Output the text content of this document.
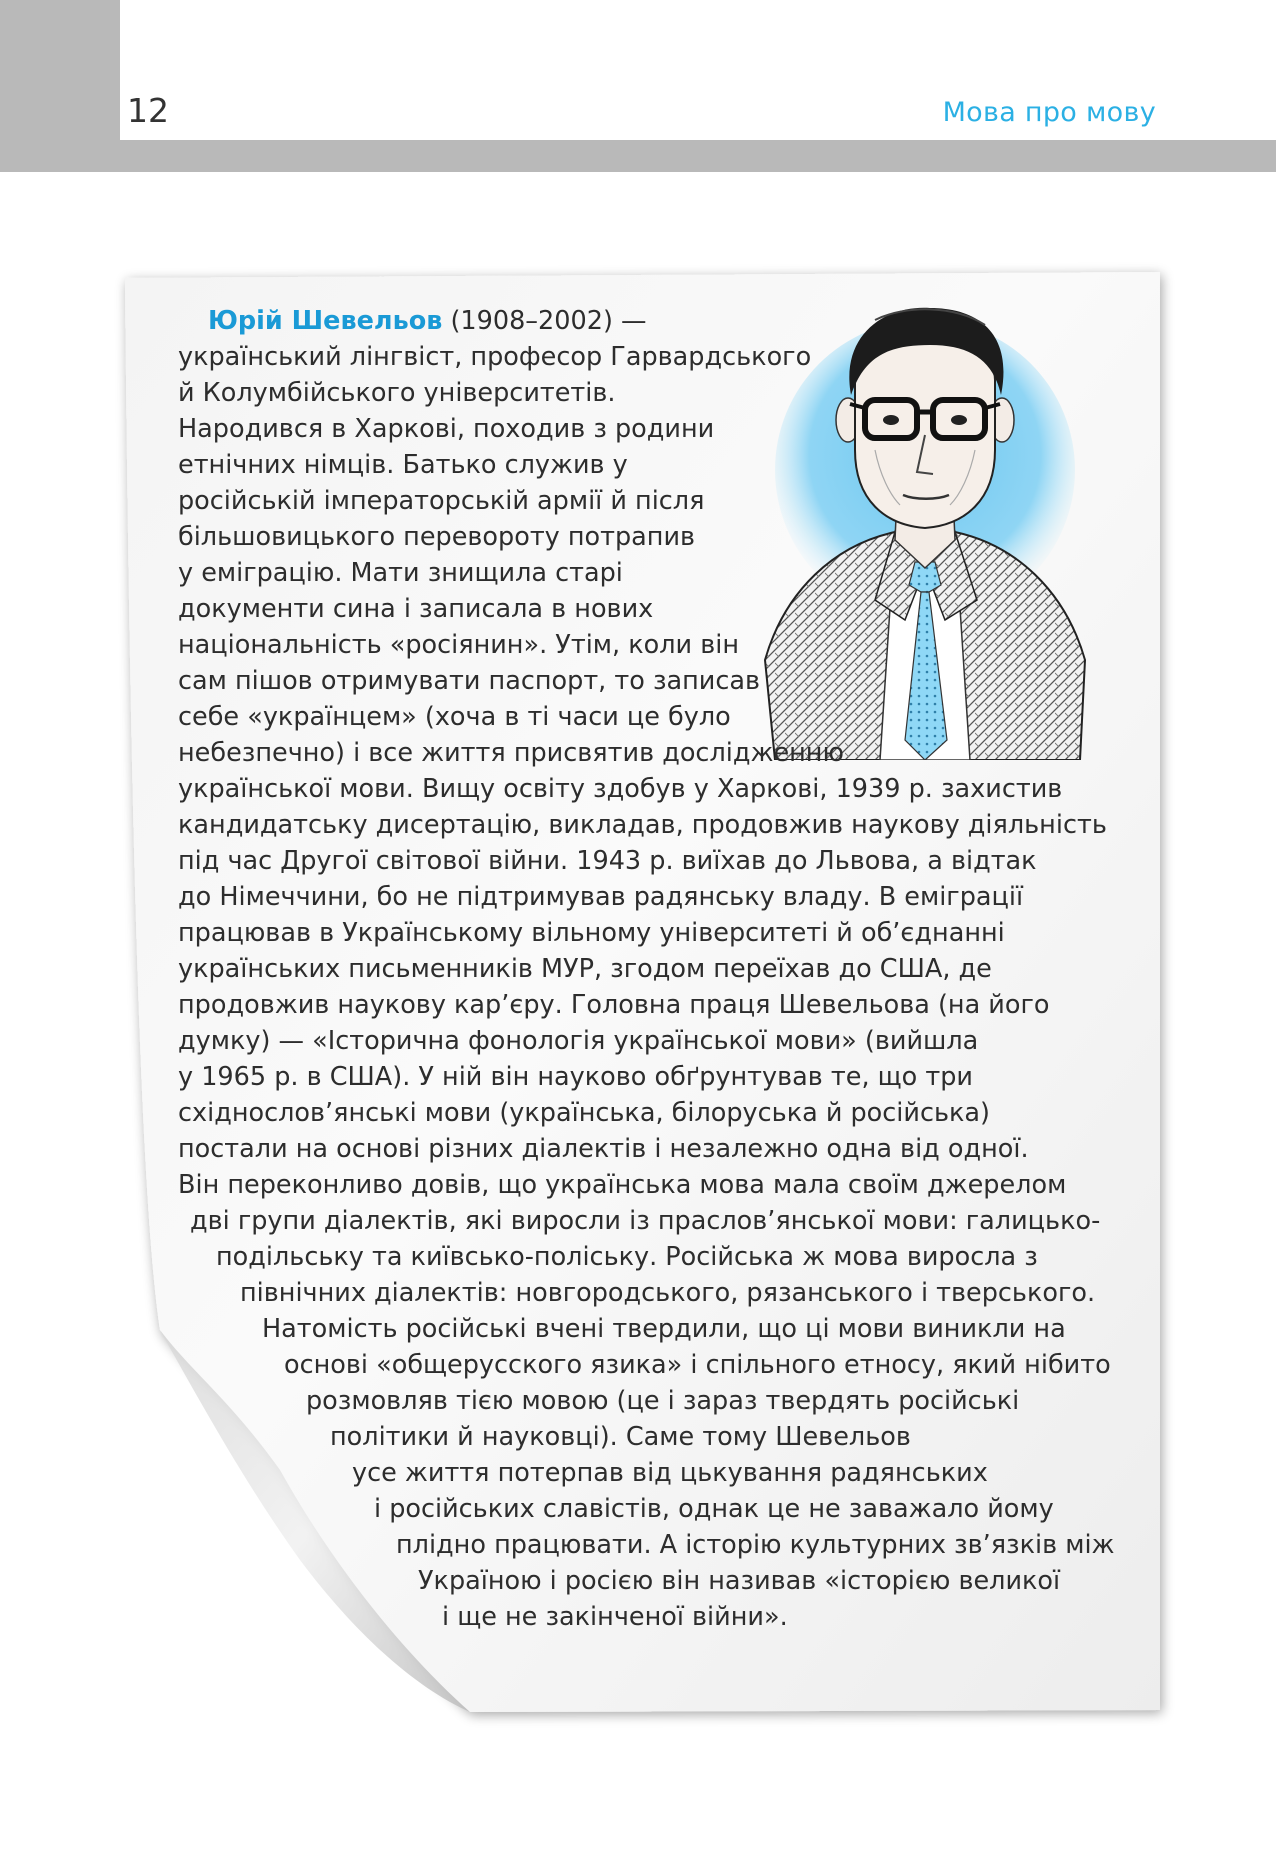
12	Мова про мову
Юрій Шевельов (1908–2002) —
український лінгвіст, професор Гарвардського
й Колумбійського університетів.
Народився в Харкові, походив з родини
етнічних німців. Батько служив у
російській імператорській армії й після
більшовицького перевороту потрапив
у еміграцію. Мати знищила старі
документи сина і записала в нових
національність «росіянин». Утім, коли він
сам пішов отримувати паспорт, то записав
себе «українцем» (хоча в ті часи це було
небезпечно) і все життя присвятив дослідженню
української мови. Вищу освіту здобув у Харкові, 1939 р. захистив
кандидатську дисертацію, викладав, продовжив наукову діяльність
під час Другої світової війни. 1943 р. виїхав до Львова, а відтак
до Німеччини, бо не підтримував радянську владу. В еміграції
працював в Українському вільному університеті й об’єднанні
українських письменників МУР, згодом переїхав до США, де
продовжив наукову кар’єру. Головна праця Шевельова (на його
думку) — «Історична фонологія української мови» (вийшла
у 1965 р. в США). У ній він науково обґрунтував те, що три
східнослов’янські мови (українська, білоруська й російська)
постали на основі різних діалектів і незалежно одна від одної.
Він переконливо довів, що українська мова мала своїм джерелом
дві групи діалектів, які виросли із праслов’янської мови: галицько-
подільську та київсько-поліську. Російська ж мова виросла з
північних діалектів: новгородського, рязанського і тверського.
Натомість російські вчені твердили, що ці мови виникли на
основі «общерусского язика» і спільного етносу, який нібито
розмовляв тією мовою (це і зараз твердять російські
політики й науковці). Саме тому Шевельов
усе життя потерпав від цькування радянських
і російських славістів, однак це не заважало йому
плідно працювати. А історію культурних зв’язків між
Україною і росією він називав «історією великої
і ще не закінченої війни».
